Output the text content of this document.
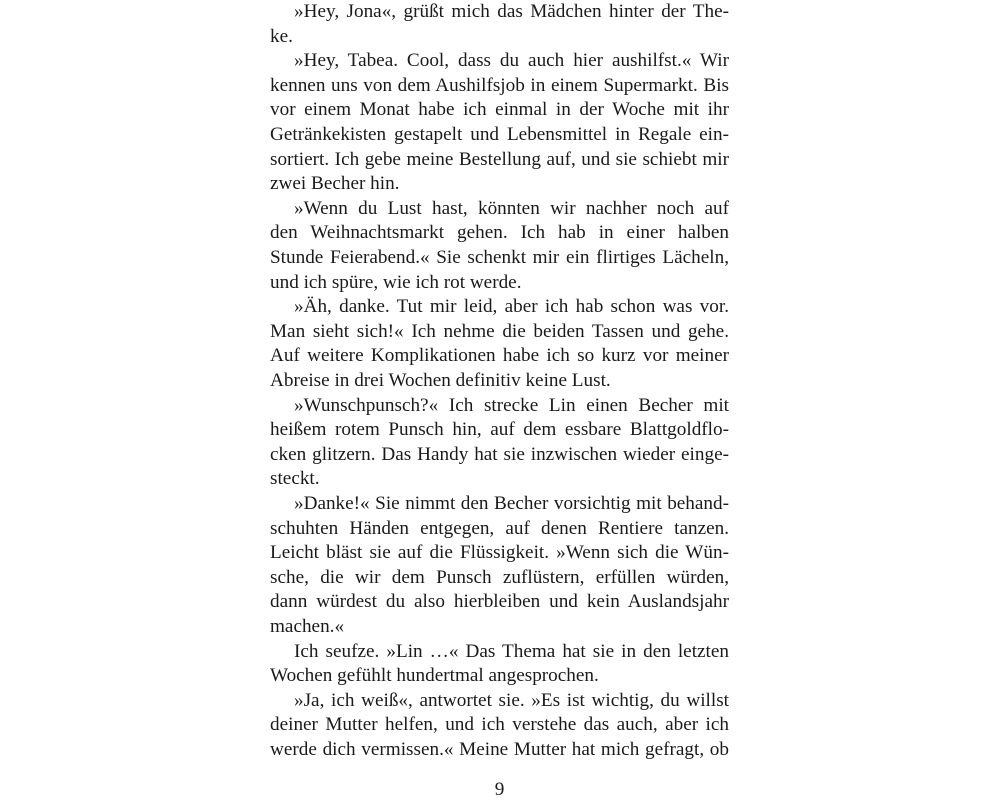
»Hey, Jona«, grüßt mich das Mädchen hinter der The-
ke.
»Hey, Tabea. Cool, dass du auch hier aushilfst.« Wir
kennen uns von dem Aushilfsjob in einem Supermarkt. Bis
vor einem Monat habe ich einmal in der Woche mit ihr
Getränkekisten gestapelt und Lebensmittel in Regale ein-
sortiert. Ich gebe meine Bestellung auf, und sie schiebt mir
zwei Becher hin.
»Wenn du Lust hast, könnten wir nachher noch auf
den Weihnachtsmarkt gehen. Ich hab in einer halben
Stunde Feierabend.« Sie schenkt mir ein flirtiges Lächeln,
und ich spüre, wie ich rot werde.
»Äh, danke. Tut mir leid, aber ich hab schon was vor.
Man sieht sich!« Ich nehme die beiden Tassen und gehe.
Auf weitere Komplikationen habe ich so kurz vor meiner
Abreise in drei Wochen definitiv keine Lust.
»Wunschpunsch?« Ich strecke Lin einen Becher mit
heißem rotem Punsch hin, auf dem essbare Blattgoldflo-
cken glitzern. Das Handy hat sie inzwischen wieder einge-
steckt.
»Danke!« Sie nimmt den Becher vorsichtig mit behand-
schuhten Händen entgegen, auf denen Rentiere tanzen.
Leicht bläst sie auf die Flüssigkeit. »Wenn sich die Wün-
sche, die wir dem Punsch zuflüstern, erfüllen würden,
dann würdest du also hierbleiben und kein Auslandsjahr
machen.«
Ich seufze. »Lin …« Das Thema hat sie in den letzten
Wochen gefühlt hundertmal angesprochen.
»Ja, ich weiß«, antwortet sie. »Es ist wichtig, du willst
deiner Mutter helfen, und ich verstehe das auch, aber ich
werde dich vermissen.« Meine Mutter hat mich gefragt, ob
9
